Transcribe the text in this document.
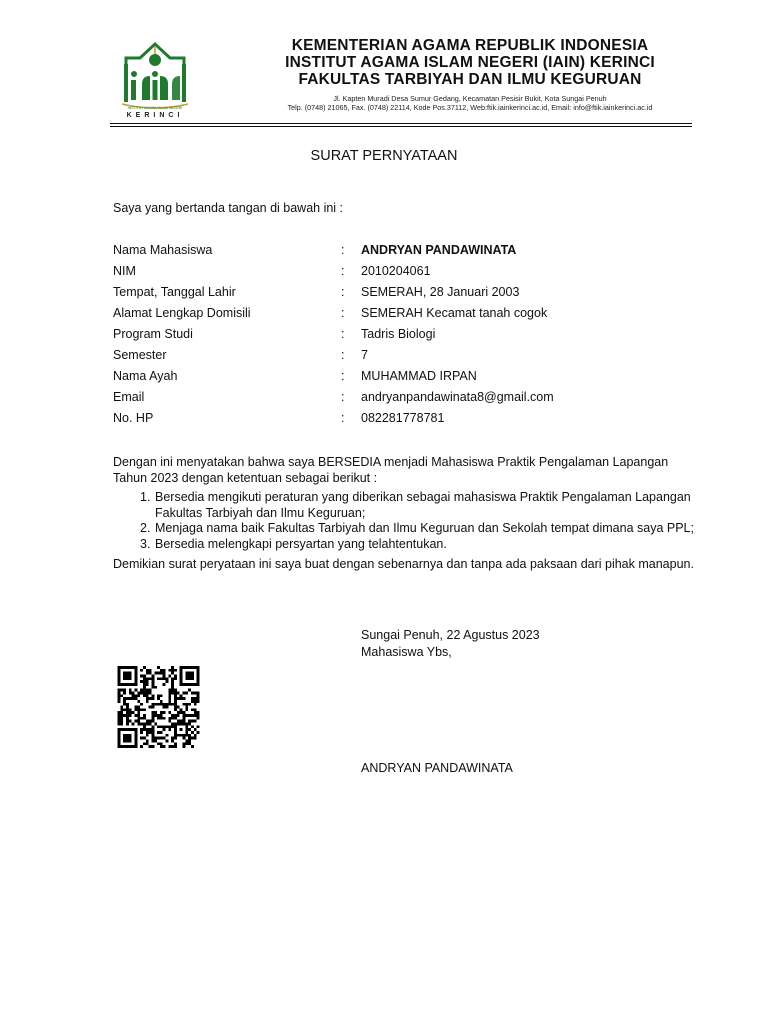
INSTITUT AGAMA ISLAM NEGERI
KERINCI
KEMENTERIAN AGAMA REPUBLIK INDONESIA
INSTITUT AGAMA ISLAM NEGERI (IAIN) KERINCI
FAKULTAS TARBIYAH DAN ILMU KEGURUAN
Jl. Kapten Muradi Desa Sumur Gedang, Kecamatan Pesisir Bukit, Kota Sungai Penuh
Telp. (0748) 21065, Fax. (0748) 22114, Kode Pos.37112, Web:ftik.iainkerinci.ac.id, Email: info@ftik.iainkerinci.ac.id
SURAT PERNYATAAN
Saya yang bertanda tangan di bawah ini :
Nama Mahasiswa	: ANDRYAN PANDAWINATA
NIM	: 2010204061
Tempat, Tanggal Lahir	: SEMERAH, 28 Januari 2003
Alamat Lengkap Domisili	: SEMERAH Kecamat tanah cogok
Program Studi	: Tadris Biologi
Semester	: 7
Nama Ayah	: MUHAMMAD IRPAN
Email	: andryanpandawinata8@gmail.com
No. HP	: 082281778781
Dengan ini menyatakan bahwa saya BERSEDIA menjadi Mahasiswa Praktik Pengalaman Lapangan
Tahun 2023 dengan ketentuan sebagai berikut :
1. Bersedia mengikuti peraturan yang diberikan sebagai mahasiswa Praktik Pengalaman Lapangan
Fakultas Tarbiyah dan Ilmu Keguruan;
2. Menjaga nama baik Fakultas Tarbiyah dan Ilmu Keguruan dan Sekolah tempat dimana saya PPL;
3. Bersedia melengkapi persyartan yang telahtentukan.
Demikian surat peryataan ini saya buat dengan sebenarnya dan tanpa ada paksaan dari pihak manapun.
Sungai Penuh, 22 Agustus 2023
Mahasiswa Ybs,
ANDRYAN PANDAWINATA
